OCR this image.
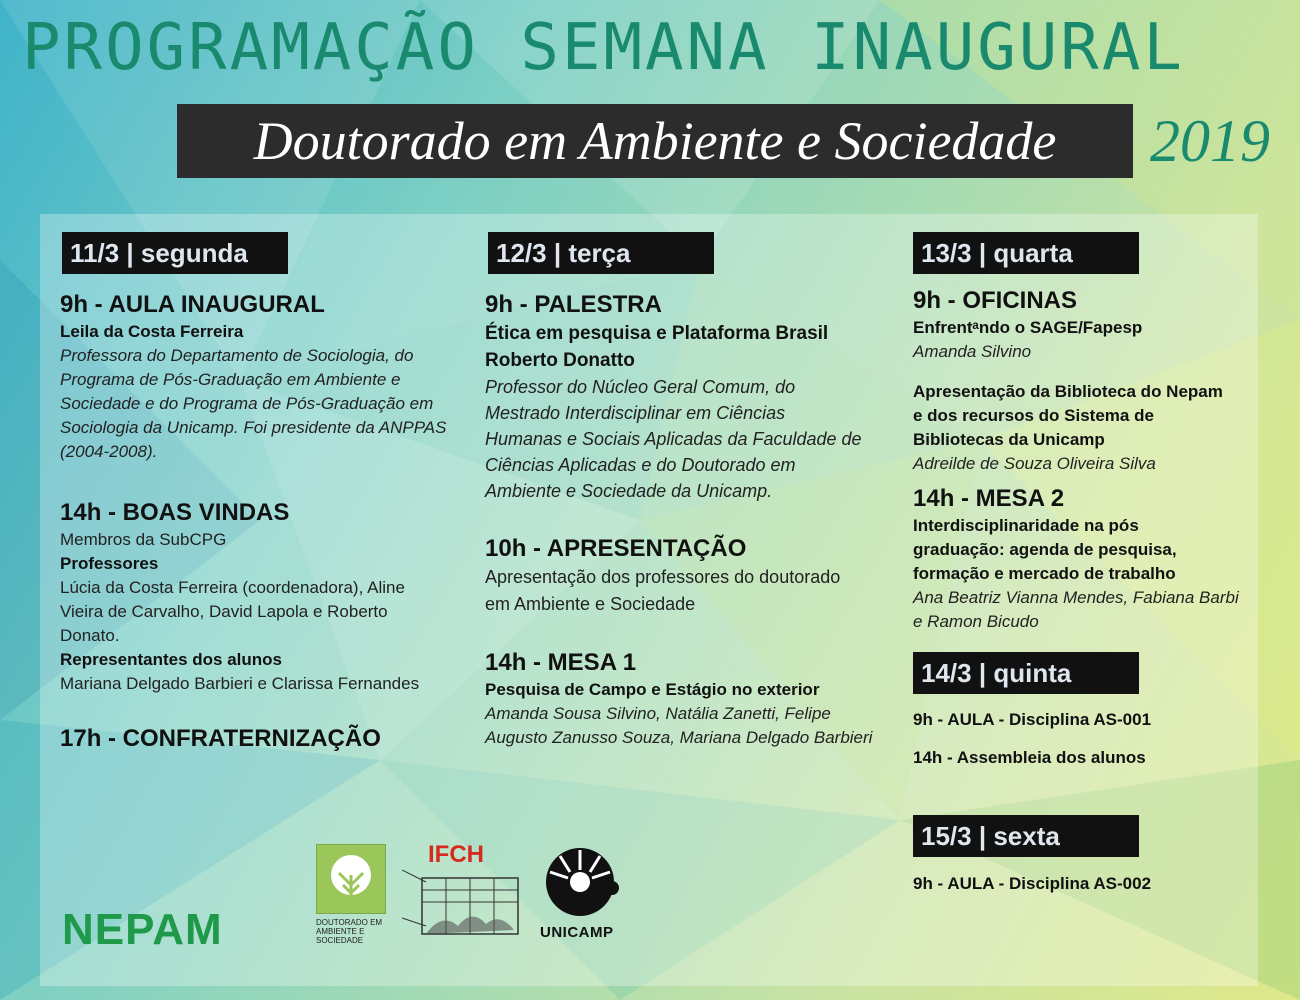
PROGRAMAÇÃO SEMANA INAUGURAL
Doutorado em Ambiente e Sociedade	2019
11/3 | segunda

9h - AULA INAUGURAL

Leila da Costa Ferreira

Professora do Departamento de Sociologia, do

Programa de Pós-Graduação em Ambiente e

Sociedade e do Programa de Pós-Graduação em

Sociologia da Unicamp. Foi presidente da ANPPAS

(2004-2008).

14h - BOAS VINDAS

Membros da SubCPG

Professores

Lúcia da Costa Ferreira (coordenadora), Aline

Vieira de Carvalho, David Lapola e Roberto

Donato.

Representantes dos alunos

Mariana Delgado Barbieri e Clarissa Fernandes

17h - CONFRATERNIZAÇÃO

12/3 | terça

9h - PALESTRA

Ética em pesquisa e Plataforma Brasil

Roberto Donatto

Professor do Núcleo Geral Comum, do

Mestrado Interdisciplinar em Ciências

Humanas e Sociais Aplicadas da Faculdade de

Ciências Aplicadas e do Doutorado em

Ambiente e Sociedade da Unicamp.

10h - APRESENTAÇÃO

Apresentação dos professores do doutorado

em Ambiente e Sociedade

14h - MESA 1

Pesquisa de Campo e Estágio no exterior

Amanda Sousa Silvino, Natália Zanetti, Felipe

Augusto Zanusso Souza, Mariana Delgado Barbieri

13/3 | quarta

9h - OFICINAS

Enfrentᵃndo o SAGE/Fapesp

Amanda Silvino

Apresentação da Biblioteca do Nepam

e dos recursos do Sistema de

Bibliotecas da Unicamp

Adreilde de Souza Oliveira Silva

14h - MESA 2

Interdisciplinaridade na pós

graduação: agenda de pesquisa,

formação e mercado de trabalho

Ana Beatriz Vianna Mendes, Fabiana Barbi

e Ramon Bicudo

14/3 | quinta

9h - AULA - Disciplina AS-001

14h - Assembleia dos alunos

15/3 | sexta

9h - AULA - Disciplina AS-002

NEPAM	DOUTORADO EM
AMBIENTE E
SOCIEDADE
IFCH
UNICAMP
